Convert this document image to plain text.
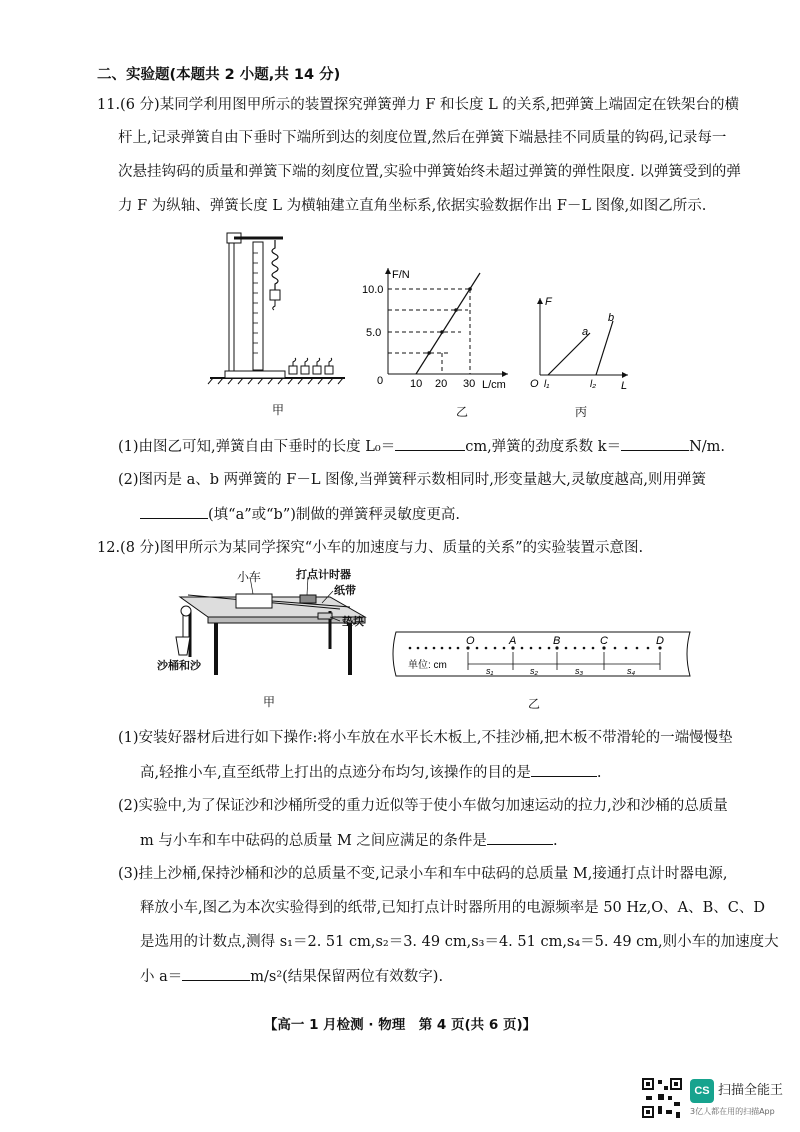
二、实验题(本题共 2 小题,共 14 分)
11.(6 分)某同学利用图甲所示的装置探究弹簧弹力 F 和长度 L 的关系,把弹簧上端固定在铁架台的横
杆上,记录弹簧自由下垂时下端所到达的刻度位置,然后在弹簧下端悬挂不同质量的钩码,记录每一
次悬挂钩码的质量和弹簧下端的刻度位置,实验中弹簧始终未超过弹簧的弹性限度. 以弹簧受到的弹
力 F 为纵轴、弹簧长度 L 为横轴建立直角坐标系,依据实验数据作出 F－L 图像,如图乙所示.
F/N
L/cm
0
5.0
10.0
10 20 30
F
L
O l₁	l₂
a
b
甲	乙	丙
(1)由图乙可知,弹簧自由下垂时的长度 L₀＝	cm,弹簧的劲度系数 k＝	N/m.
(2)图丙是 a、b 两弹簧的 F－L 图像,当弹簧秤示数相同时,形变量越大,灵敏度越高,则用弹簧
(填“a”或“b”)制做的弹簧秤灵敏度更高.
12.(8 分)图甲所示为某同学探究“小车的加速度与力、质量的关系”的实验装置示意图.
小车	打点计时器
纸带
垫块
沙桶和沙
甲
O	A	B	C	D
单位: cm	s₁	s₂	s₃	s₄
乙
(1)安装好器材后进行如下操作:将小车放在水平长木板上,不挂沙桶,把木板不带滑轮的一端慢慢垫
高,轻推小车,直至纸带上打出的点迹分布均匀,该操作的目的是	.
(2)实验中,为了保证沙和沙桶所受的重力近似等于使小车做匀加速运动的拉力,沙和沙桶的总质量
m 与小车和车中砝码的总质量 M 之间应满足的条件是	.
(3)挂上沙桶,保持沙桶和沙的总质量不变,记录小车和车中砝码的总质量 M,接通打点计时器电源,
释放小车,图乙为本次实验得到的纸带,已知打点计时器所用的电源频率是 50 Hz,O、A、B、C、D
是选用的计数点,测得 s₁＝2. 51 cm,s₂＝3. 49 cm,s₃＝4. 51 cm,s₄＝5. 49 cm,则小车的加速度大
小 a＝	m/s²(结果保留两位有效数字).
【高一 1 月检测 · 物理　第 4 页(共 6 页)】
CS 扫描全能王
3亿人都在用的扫描App
